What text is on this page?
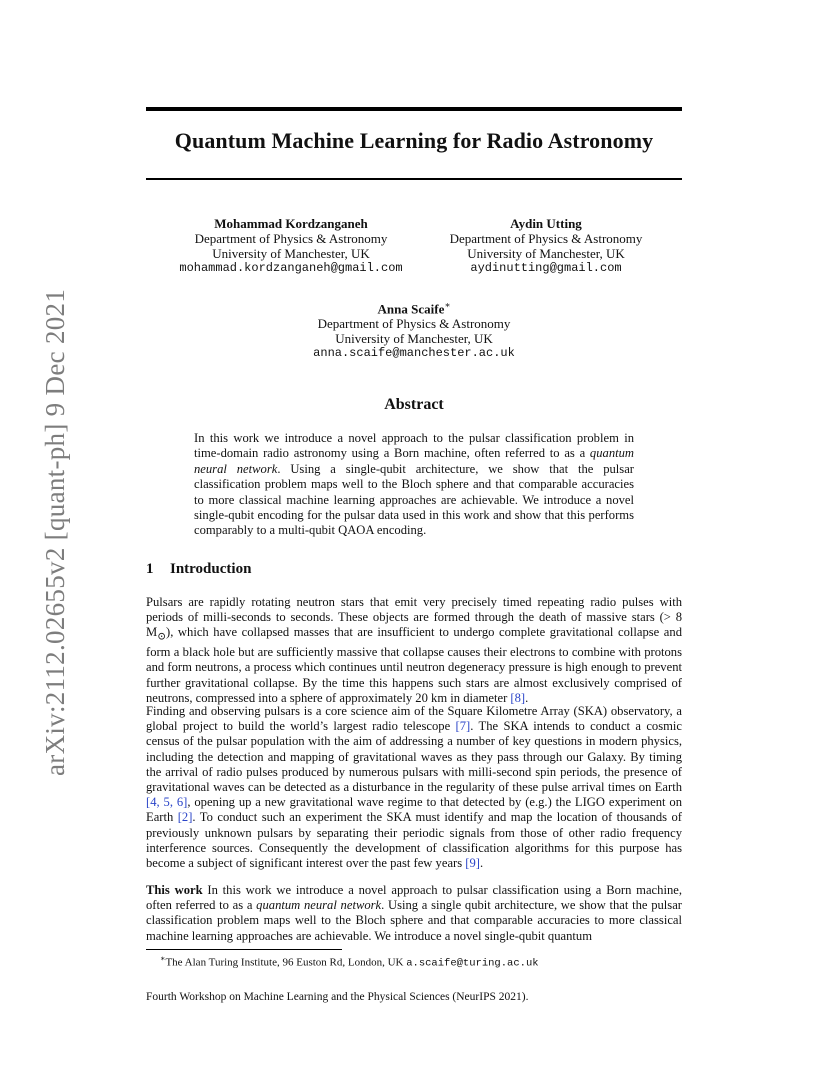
arXiv:2112.02655v2 [quant-ph] 9 Dec 2021
Quantum Machine Learning for Radio Astronomy
Mohammad Kordzanganeh
Department of Physics & Astronomy
University of Manchester, UK
mohammad.kordzanganeh@gmail.com
Aydin Utting
Department of Physics & Astronomy
University of Manchester, UK
aydinutting@gmail.com
Anna Scaife∗
Department of Physics & Astronomy
University of Manchester, UK
anna.scaife@manchester.ac.uk
Abstract
In this work we introduce a novel approach to the pulsar classification problem in time-domain radio astronomy using a Born machine, often referred to as a quantum neural network. Using a single-qubit architecture, we show that the pulsar classification problem maps well to the Bloch sphere and that comparable accuracies to more classical machine learning approaches are achievable. We introduce a novel single-qubit encoding for the pulsar data used in this work and show that this performs comparably to a multi-qubit QAOA encoding.
1 Introduction

Pulsars are rapidly rotating neutron stars that emit very precisely timed repeating radio pulses with periods of milli-seconds to seconds. These objects are formed through the death of massive stars (> 8 $M_⊙$), which have collapsed masses that are insufficient to undergo complete gravitational collapse and form a black hole but are sufficiently massive that collapse causes their electrons to combine with protons and form neutrons, a process which continues until neutron degeneracy pressure is high enough to prevent further gravitational collapse. By the time this happens such stars are almost exclusively comprised of neutrons, compressed into a sphere of approximately 20 km in diameter [8].

Finding and observing pulsars is a core science aim of the Square Kilometre Array (SKA) observatory, a global project to build the world’s largest radio telescope [7]. The SKA intends to conduct a cosmic census of the pulsar population with the aim of addressing a number of key questions in modern physics, including the detection and mapping of gravitational waves as they pass through our Galaxy. By timing the arrival of radio pulses produced by numerous pulsars with milli-second spin periods, the presence of gravitational waves can be detected as a disturbance in the regularity of these pulse arrival times on Earth [4, 5, 6], opening up a new gravitational wave regime to that detected by (e.g.) the LIGO experiment on Earth [2]. To conduct such an experiment the SKA must identify and map the location of thousands of previously unknown pulsars by separating their periodic signals from those of other radio frequency interference sources. Consequently the development of classification algorithms for this purpose has become a subject of significant interest over the past few years [9].

This work In this work we introduce a novel approach to pulsar classification using a Born machine, often referred to as a quantum neural network. Using a single qubit architecture, we show that the pulsar classification problem maps well to the Bloch sphere and that comparable accuracies to more classical machine learning approaches are achievable. We introduce a novel single-qubit quantum

∗The Alan Turing Institute, 96 Euston Rd, London, UK a.scaife@turing.ac.uk
Fourth Workshop on Machine Learning and the Physical Sciences (NeurIPS 2021).
